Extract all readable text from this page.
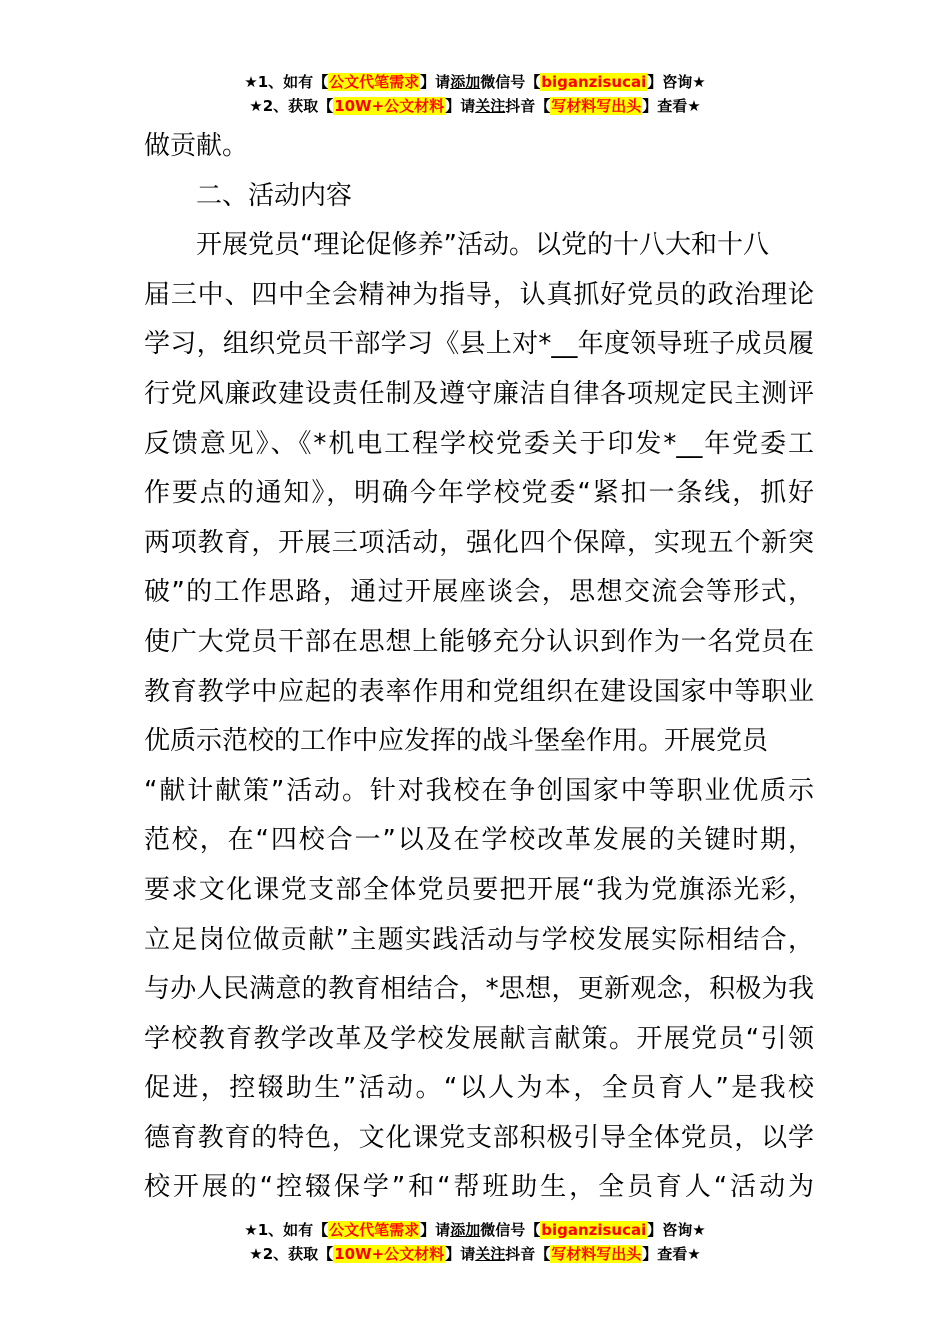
★1、如有【公文代笔需求】请添加微信号【biganzisucai】咨询★
★2、获取【10W+公文材料】请关注抖音【写材料写出头】查看★
做贡献。
二、活动内容
开展党员“理论促修养”活动。以党的十八大和十八
届三中、四中全会精神为指导，认真抓好党员的政治理论
学习，组织党员干部学习《县上对*__年度领导班子成员履
行党风廉政建设责任制及遵守廉洁自律各项规定民主测评
反馈意见》、《*机电工程学校党委关于印发*__年党委工
作要点的通知》，明确今年学校党委“紧扣一条线，抓好
两项教育，开展三项活动，强化四个保障，实现五个新突
破”的工作思路，通过开展座谈会，思想交流会等形式，
使广大党员干部在思想上能够充分认识到作为一名党员在
教育教学中应起的表率作用和党组织在建设国家中等职业
优质示范校的工作中应发挥的战斗堡垒作用。开展党员
“献计献策”活动。针对我校在争创国家中等职业优质示
范校，在“四校合一”以及在学校改革发展的关键时期，
要求文化课党支部全体党员要把开展“我为党旗添光彩，
立足岗位做贡献”主题实践活动与学校发展实际相结合，
与办人民满意的教育相结合，*思想，更新观念，积极为我
学校教育教学改革及学校发展献言献策。开展党员“引领
促进，控辍助生”活动。“以人为本，全员育人”是我校
德育教育的特色，文化课党支部积极引导全体党员，以学
校开展的“控辍保学”和“帮班助生，全员育人“活动为
★1、如有【公文代笔需求】请添加微信号【biganzisucai】咨询★
★2、获取【10W+公文材料】请关注抖音【写材料写出头】查看★
